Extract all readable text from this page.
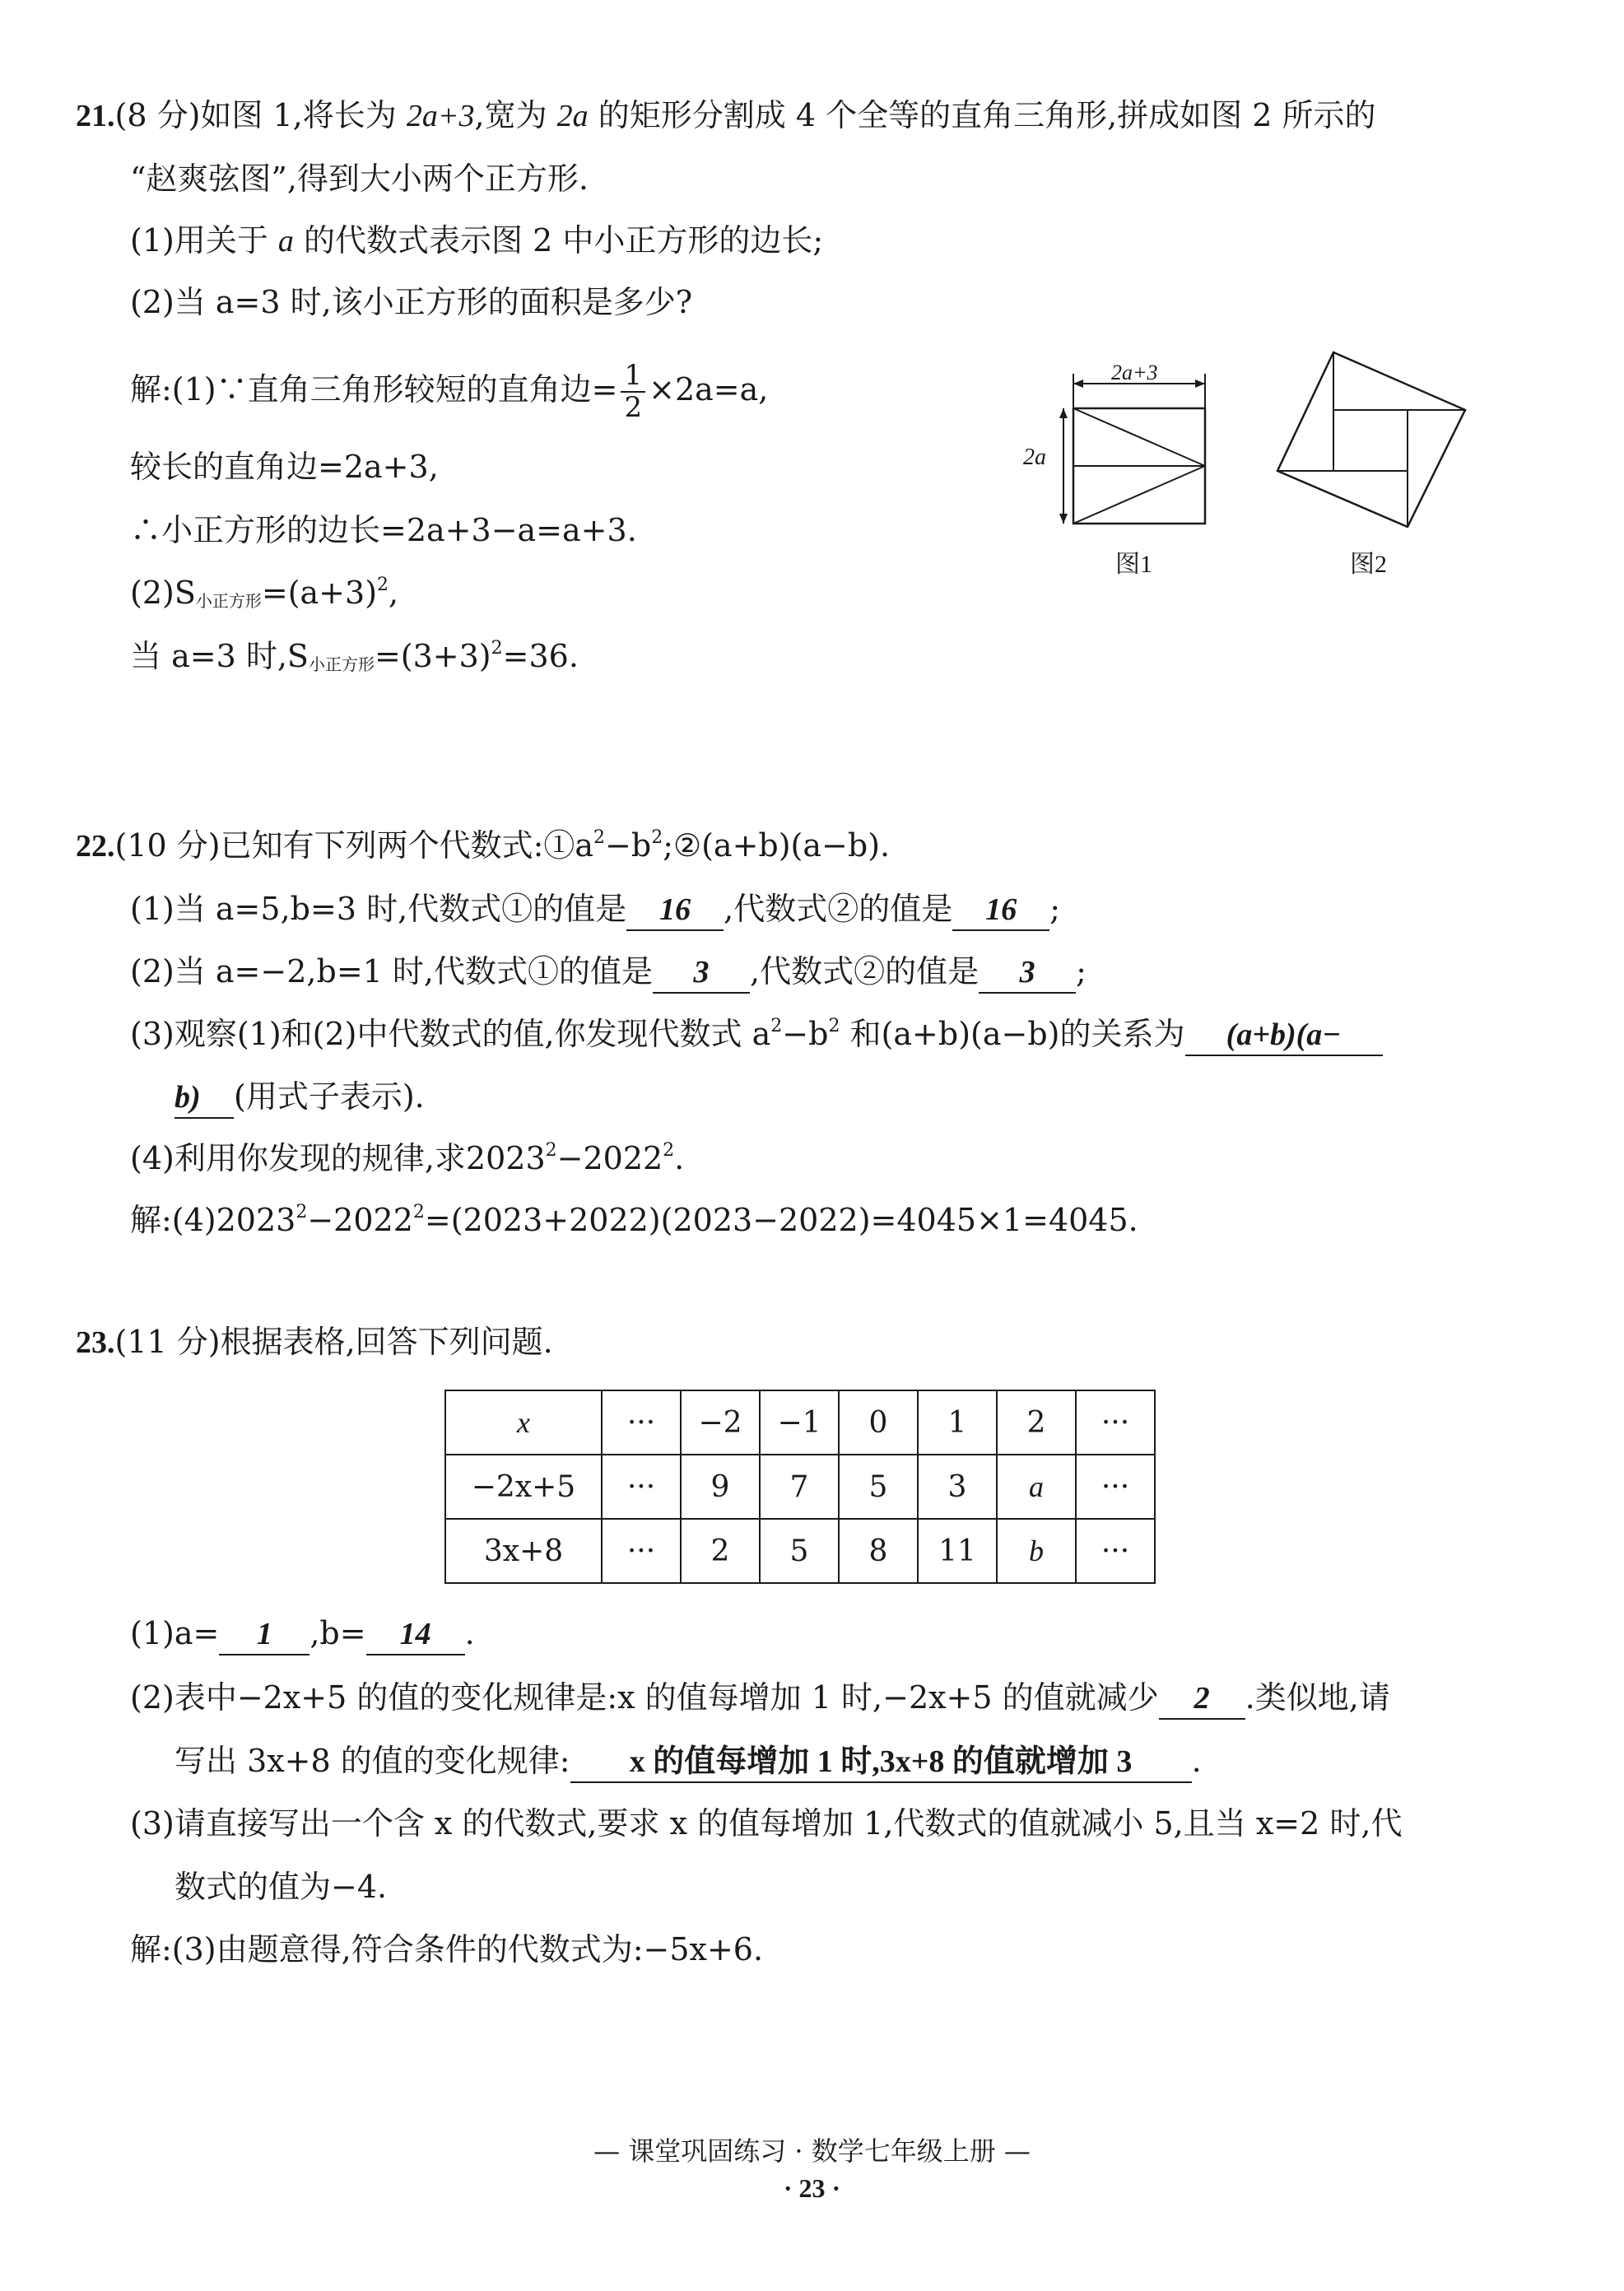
21.(8 分)如图 1,将长为 2a+3,宽为 2a 的矩形分割成 4 个全等的直角三角形,拼成如图 2 所示的
“赵爽弦图”,得到大小两个正方形.
(1)用关于 a 的代数式表示图 2 中小正方形的边长;
(2)当 a=3 时,该小正方形的面积是多少?
解:(1)∵直角三角形较短的直角边= $\frac{1}{2} \times 2a=a$,
较长的直角边=2a+3,
∴小正方形的边长=2a+3−a=a+3.
$(2)S_{小正方形}=(a+3)^2$,
当 a=3 时$,S_{小正方形}=(3+3)^2=36$.
2a+3
2a
图1	图2
22.(10 分)已知有下列两个代数式$:①a^2-b^2;②(a+b)(a-b)$.
(1)当 a=5,b=3 时,代数式①的值是 16 ,代数式②的值是 16 ;
(2)当 a=−2,b=1 时,代数式①的值是 3 ,代数式②的值是 3 ;
(3)观察(1)和(2)中代数式的值,你发现代数式 $a^2-b^2$ 和(a+b)(a−b)的关系为 (a+b)(a−
b) (用式子表示).
(4)利用你发现的规律,求$2023^2-2022^2$.
解$:(4)2023^2-2022^2=(2023+2022)(2023-2022)=4045\times 1=4045$.
23.(11 分)根据表格,回答下列问题.
x	···	−2	−1	0	1	2	···
−2x+5	···	9	7	5	3	a	···
3x+8	···	2	5	8	11	b	···
(1)a= 1 ,b= 14 .
(2)表中−2x+5 的值的变化规律是:x 的值每增加 1 时,−2x+5 的值就减少 2 .类似地,请
写出 3x+8 的值的变化规律: x 的值每增加 1 时,3x+8 的值就增加 3 .
(3)请直接写出一个含 x 的代数式,要求 x 的值每增加 1,代数式的值就减小 5,且当 x=2 时,代
数式的值为−4.
解:(3)由题意得,符合条件的代数式为:−5x+6.
— 课堂巩固练习 · 数学七年级上册 —
· 23 ·
